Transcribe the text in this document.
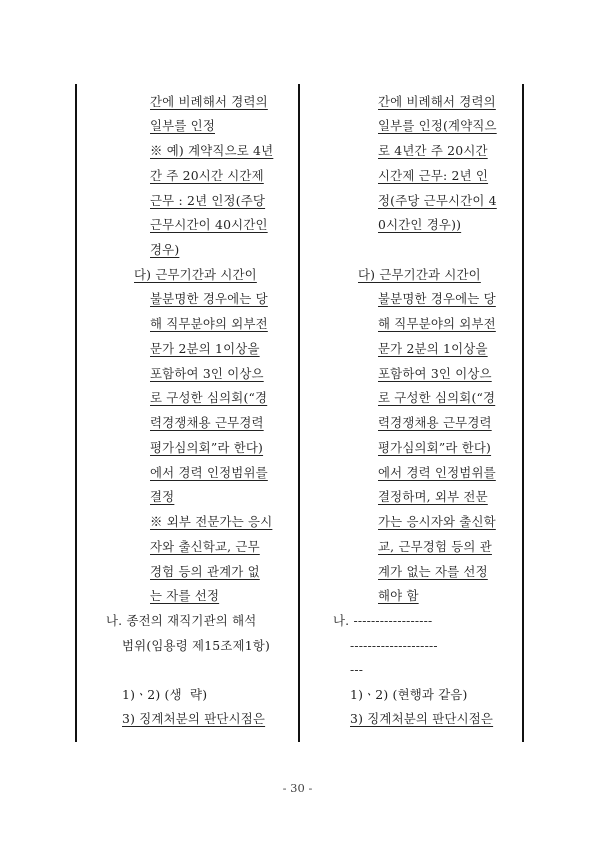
간에 비례해서 경력의
일부를 인정
※ 예) 계약직으로 4년
간 주 20시간 시간제
근무 : 2년 인정(주당
근무시간이 40시간인
경우)
다) 근무기간과 시간이
불분명한 경우에는 당
해 직무분야의 외부전
문가 2분의 1이상을
포함하여 3인 이상으
로 구성한 심의회(“경
력경쟁채용 근무경력
평가심의회”라 한다)
에서 경력 인정범위를
결정
※ 외부 전문가는 응시
자와 출신학교, 근무
경험 등의 관계가 없
는 자를 선정
나. 종전의 재직기관의 해석
범위(임용령 제15조제1항)
1)ㆍ2) (생  략)
3) 징계처분의 판단시점은
간에 비례해서 경력의
일부를 인정(계약직으
로 4년간 주 20시간
시간제 근무: 2년 인
정(주당 근무시간이 4
0시간인 경우))
다) 근무기간과 시간이
불분명한 경우에는 당
해 직무분야의 외부전
문가 2분의 1이상을
포함하여 3인 이상으
로 구성한 심의회(“경
력경쟁채용 근무경력
평가심의회”라 한다)
에서 경력 인정범위를
결정하며, 외부 전문
가는 응시자와 출신학
교, 근무경험 등의 관
계가 없는 자를 선정
해야 함
나. ------------------
--------------------
---
1)ㆍ2) (현행과 같음)
3) 징계처분의 판단시점은
- 30 -
